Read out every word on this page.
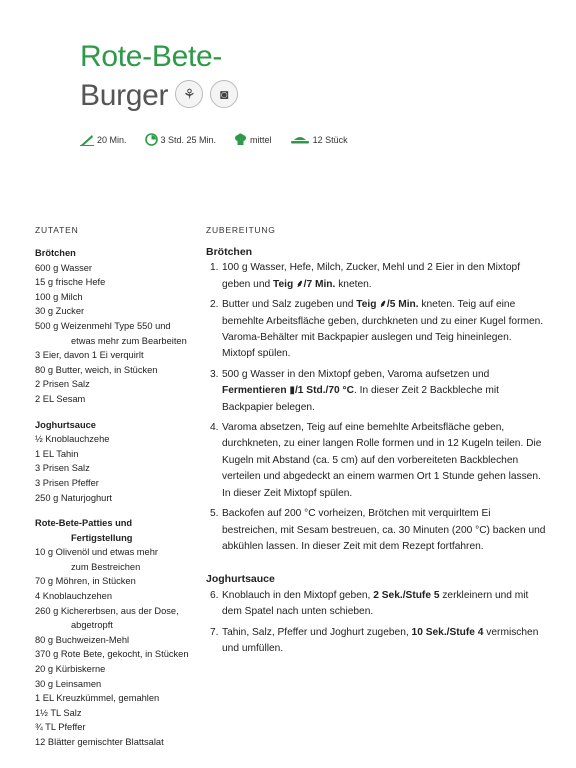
Rote-Bete-
Burger ⚘ ◙
20 Min.	3 Std. 25 Min.	mittel	12 Stück
ZUTATEN	ZUBEREITUNG
Brötchen
600 g Wasser
15 g frische Hefe
100 g Milch
30 g Zucker
500 g Weizenmehl Type 550 und
etwas mehr zum Bearbeiten
3 Eier, davon 1 Ei verquirlt
80 g Butter, weich, in Stücken
2 Prisen Salz
2 EL Sesam
Joghurtsauce
½ Knoblauchzehe
1 EL Tahin
3 Prisen Salz
3 Prisen Pfeffer
250 g Naturjoghurt
Rote-Bete-Patties und
Fertigstellung
10 g Olivenöl und etwas mehr
zum Bestreichen
70 g Möhren, in Stücken
4 Knoblauchzehen
260 g Kichererbsen, aus der Dose,
abgetropft
80 g Buchweizen-Mehl
370 g Rote Bete, gekocht, in Stücken
20 g Kürbiskerne
30 g Leinsamen
1 EL Kreuzkümmel, gemahlen
1½ TL Salz
¾ TL Pfeffer
12 Blätter gemischter Blattsalat
Brötchen
1. 100 g Wasser, Hefe, Milch, Zucker, Mehl und 2 Eier in den Mixtopf geben und Teig ⸙/7 Min. kneten.
2. Butter und Salz zugeben und Teig ⸙/5 Min. kneten. Teig auf eine bemehlte Arbeitsfläche geben, durchkneten und zu einer Kugel formen. Varoma-Behälter mit Backpapier auslegen und Teig hineinlegen. Mixtopf spülen.
3. 500 g Wasser in den Mixtopf geben, Varoma aufsetzen und Fermentieren ▮/1 Std./70 °C. In dieser Zeit 2 Backbleche mit Backpapier belegen.
4. Varoma absetzen, Teig auf eine bemehlte Arbeitsfläche geben, durchkneten, zu einer langen Rolle formen und in 12 Kugeln teilen. Die Kugeln mit Abstand (ca. 5 cm) auf den vorbereiteten Backblechen verteilen und abgedeckt an einem warmen Ort 1 Stunde gehen lassen. In dieser Zeit Mixtopf spülen.
5. Backofen auf 200 °C vorheizen, Brötchen mit verquirltem Ei bestreichen, mit Sesam bestreuen, ca. 30 Minuten (200 °C) backen und abkühlen lassen. In dieser Zeit mit dem Rezept fortfahren.
Joghurtsauce
6. Knoblauch in den Mixtopf geben, 2 Sek./Stufe 5 zerkleinern und mit dem Spatel nach unten schieben.
7. Tahin, Salz, Pfeffer und Joghurt zugeben, 10 Sek./Stufe 4 vermischen und umfüllen.
